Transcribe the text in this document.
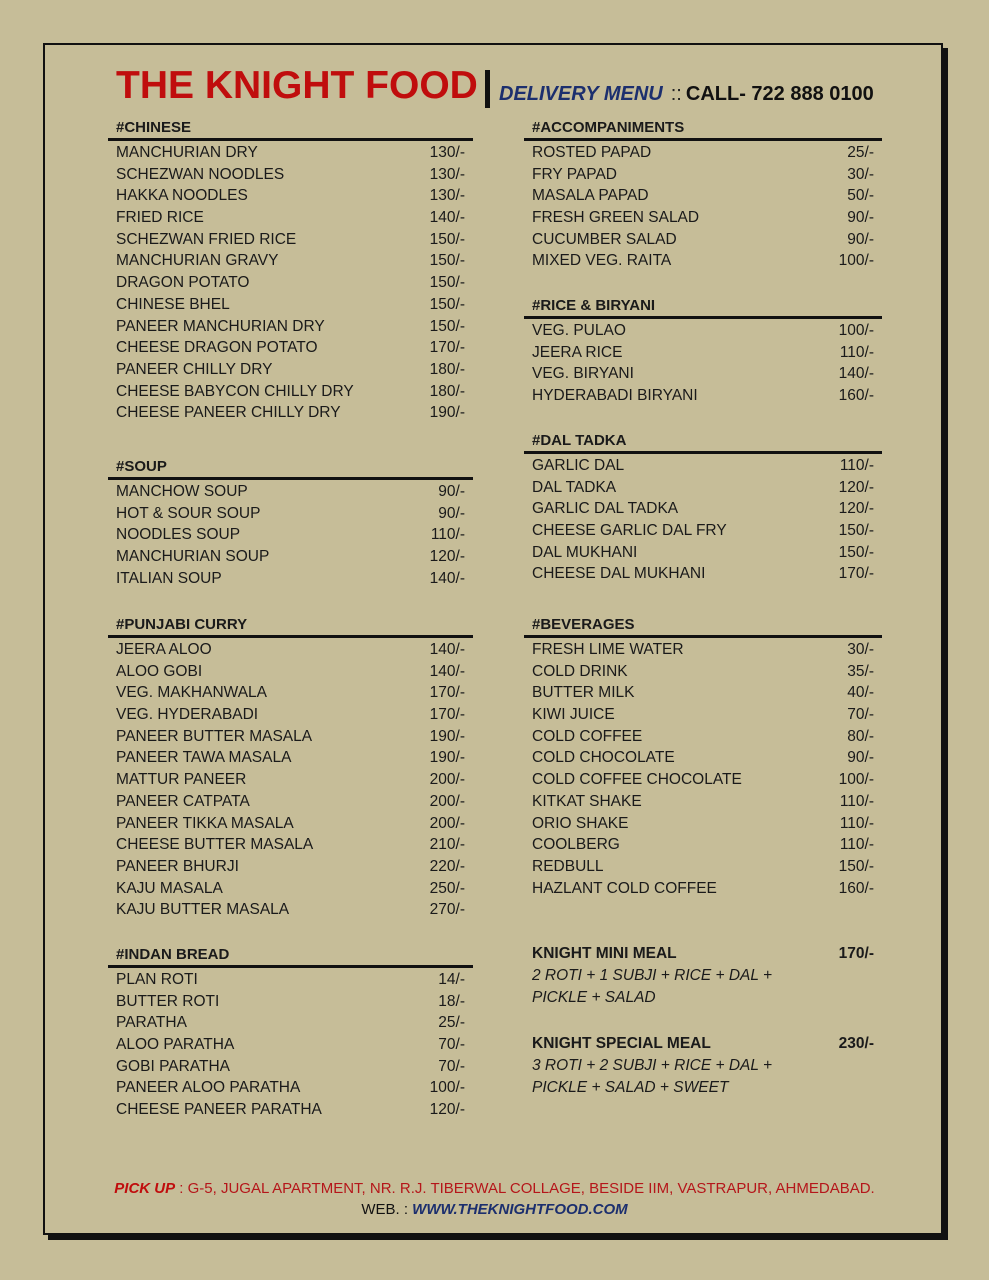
THE KNIGHT FOOD DELIVERY MENU :: CALL- 722 888 0100
#CHINESE
MANCHURIAN DRY	130/-
SCHEZWAN NOODLES	130/-
HAKKA NOODLES	130/-
FRIED RICE	140/-
SCHEZWAN FRIED RICE	150/-
MANCHURIAN GRAVY	150/-
DRAGON POTATO	150/-
CHINESE BHEL	150/-
PANEER MANCHURIAN DRY	150/-
CHEESE DRAGON POTATO	170/-
PANEER CHILLY DRY	180/-
CHEESE BABYCON CHILLY DRY	180/-
CHEESE PANEER CHILLY DRY	190/-
#SOUP
MANCHOW SOUP	90/-
HOT & SOUR SOUP	90/-
NOODLES SOUP	110/-
MANCHURIAN SOUP	120/-
ITALIAN SOUP	140/-
#PUNJABI CURRY
JEERA ALOO	140/-
ALOO GOBI	140/-
VEG. MAKHANWALA	170/-
VEG. HYDERABADI	170/-
PANEER BUTTER MASALA	190/-
PANEER TAWA MASALA	190/-
MATTUR PANEER	200/-
PANEER CATPATA	200/-
PANEER TIKKA MASALA	200/-
CHEESE BUTTER MASALA	210/-
PANEER BHURJI	220/-
KAJU MASALA	250/-
KAJU BUTTER MASALA	270/-
#INDAN BREAD
PLAN ROTI	14/-
BUTTER ROTI	18/-
PARATHA	25/-
ALOO PARATHA	70/-
GOBI PARATHA	70/-
PANEER ALOO PARATHA	100/-
CHEESE PANEER PARATHA	120/-
#ACCOMPANIMENTS
ROSTED PAPAD	25/-
FRY PAPAD	30/-
MASALA PAPAD	50/-
FRESH GREEN SALAD	90/-
CUCUMBER SALAD	90/-
MIXED VEG. RAITA	100/-
#RICE & BIRYANI
VEG. PULAO	100/-
JEERA RICE	110/-
VEG. BIRYANI	140/-
HYDERABADI BIRYANI	160/-
#DAL TADKA
GARLIC DAL	110/-
DAL TADKA	120/-
GARLIC DAL TADKA	120/-
CHEESE GARLIC DAL FRY	150/-
DAL MUKHANI	150/-
CHEESE DAL MUKHANI	170/-
#BEVERAGES
FRESH LIME WATER	30/-
COLD DRINK	35/-
BUTTER MILK	40/-
KIWI JUICE	70/-
COLD COFFEE	80/-
COLD CHOCOLATE	90/-
COLD COFFEE CHOCOLATE	100/-
KITKAT SHAKE	110/-
ORIO SHAKE	110/-
COOLBERG	110/-
REDBULL	150/-
HAZLANT COLD COFFEE	160/-
KNIGHT MINI MEAL	170/-
2 ROTI + 1 SUBJI + RICE + DAL + PICKLE + SALAD
KNIGHT SPECIAL MEAL	230/-
3 ROTI + 2 SUBJI + RICE + DAL + PICKLE + SALAD + SWEET
PICK UP : G-5, JUGAL APARTMENT, NR. R.J. TIBERWAL COLLAGE, BESIDE IIM, VASTRAPUR, AHMEDABAD.
WEB. : WWW.THEKNIGHTFOOD.COM
